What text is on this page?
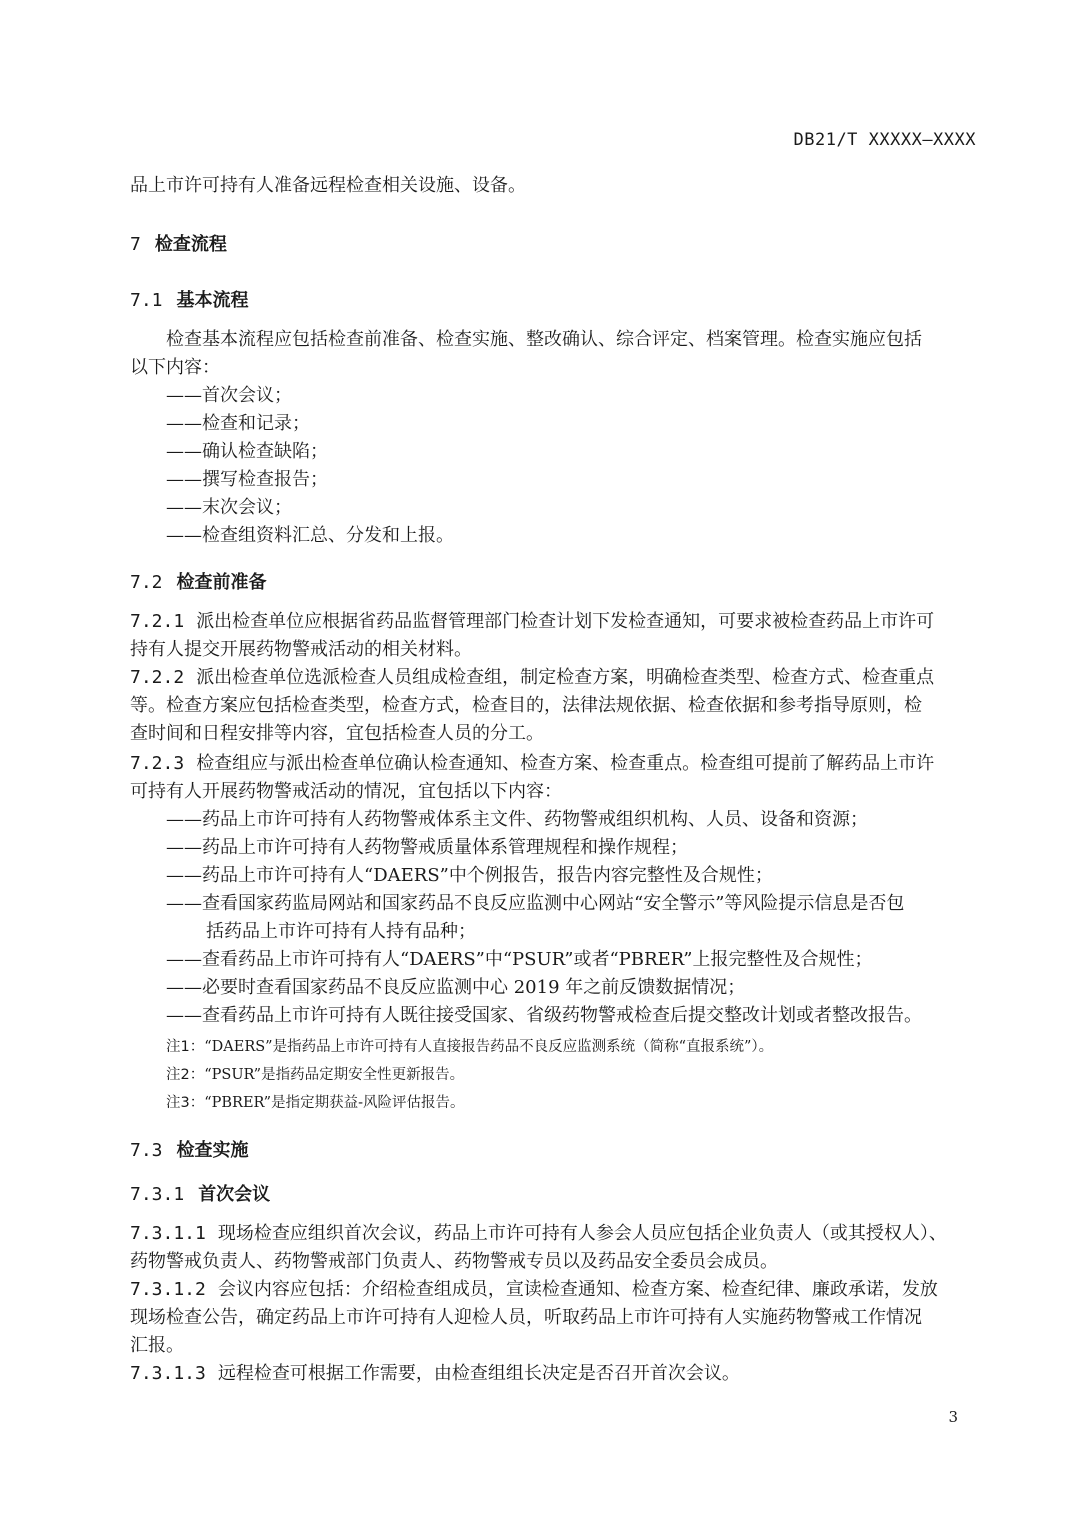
DB21/T XXXXX—XXXX
品上市许可持有人准备远程检查相关设施、设备。
7 检查流程
7.1 基本流程
检查基本流程应包括检查前准备、检查实施、整改确认、综合评定、档案管理。检查实施应包括
以下内容：
——首次会议；
——检查和记录；
——确认检查缺陷；
——撰写检查报告；
——末次会议；
——检查组资料汇总、分发和上报。
7.2 检查前准备
7.2.1 派出检查单位应根据省药品监督管理部门检查计划下发检查通知，可要求被检查药品上市许可
持有人提交开展药物警戒活动的相关材料。
7.2.2 派出检查单位选派检查人员组成检查组，制定检查方案，明确检查类型、检查方式、检查重点
等。检查方案应包括检查类型，检查方式，检查目的，法律法规依据、检查依据和参考指导原则，检
查时间和日程安排等内容，宜包括检查人员的分工。
7.2.3 检查组应与派出检查单位确认检查通知、检查方案、检查重点。检查组可提前了解药品上市许
可持有人开展药物警戒活动的情况，宜包括以下内容：
——药品上市许可持有人药物警戒体系主文件、药物警戒组织机构、人员、设备和资源；
——药品上市许可持有人药物警戒质量体系管理规程和操作规程；
——药品上市许可持有人“DAERS”中个例报告，报告内容完整性及合规性；
——查看国家药监局网站和国家药品不良反应监测中心网站“安全警示”等风险提示信息是否包
括药品上市许可持有人持有品种；
——查看药品上市许可持有人“DAERS”中“PSUR”或者“PBRER”上报完整性及合规性；
——必要时查看国家药品不良反应监测中心 2019 年之前反馈数据情况；
——查看药品上市许可持有人既往接受国家、省级药物警戒检查后提交整改计划或者整改报告。
注1：“DAERS”是指药品上市许可持有人直接报告药品不良反应监测系统（简称“直报系统”）。
注2：“PSUR”是指药品定期安全性更新报告。
注3：“PBRER”是指定期获益-风险评估报告。
7.3 检查实施
7.3.1 首次会议
7.3.1.1 现场检查应组织首次会议，药品上市许可持有人参会人员应包括企业负责人（或其授权人）、
药物警戒负责人、药物警戒部门负责人、药物警戒专员以及药品安全委员会成员。
7.3.1.2 会议内容应包括：介绍检查组成员，宣读检查通知、检查方案、检查纪律、廉政承诺，发放
现场检查公告，确定药品上市许可持有人迎检人员，听取药品上市许可持有人实施药物警戒工作情况
汇报。
7.3.1.3 远程检查可根据工作需要，由检查组组长决定是否召开首次会议。
3
